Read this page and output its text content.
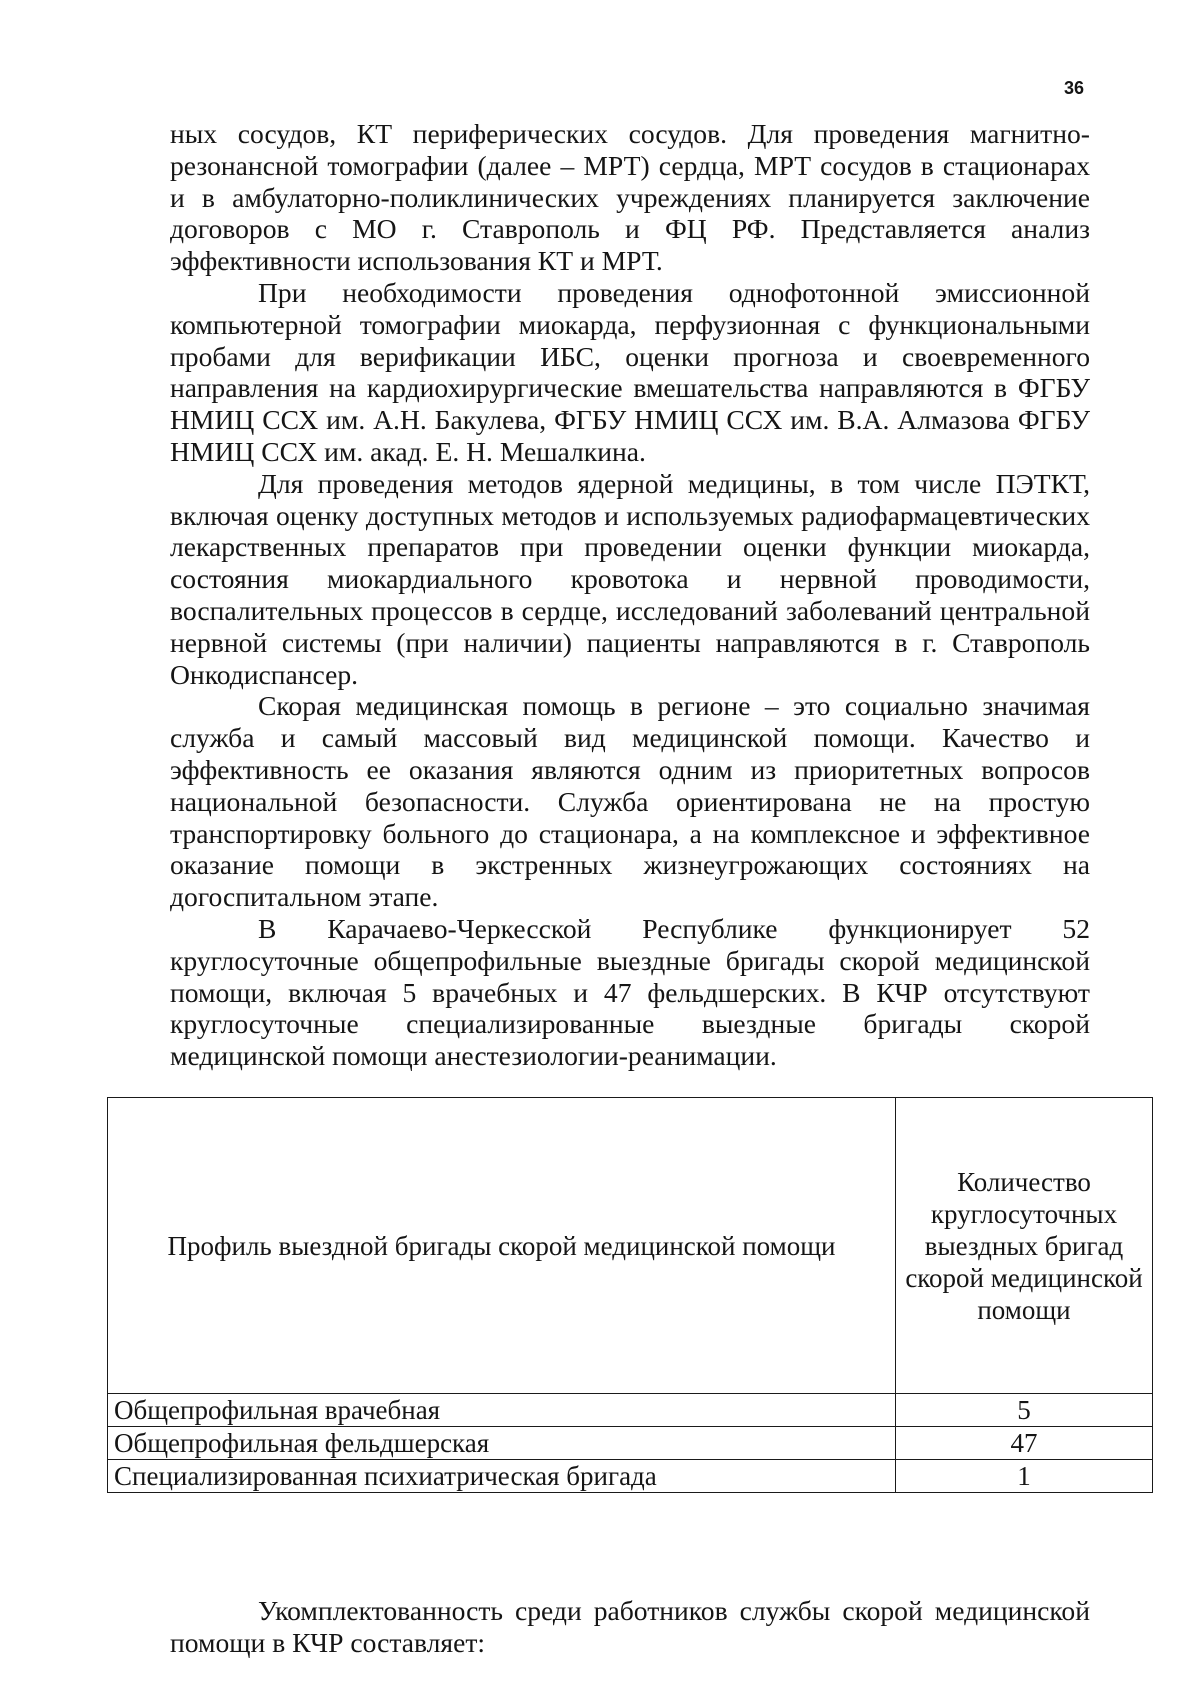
36

ных сосудов, КТ периферических сосудов. Для проведения магнитно-резонансной томографии (далее – МРТ) сердца, МРТ сосудов в стационарах и в амбулаторно-поликлинических учреждениях планируется заключение договоров с МО г. Ставрополь и ФЦ РФ. Представляется анализ эффективности использования КТ и МРТ.

При необходимости проведения однофотонной эмиссионной компьютерной томографии миокарда, перфузионная с функциональными пробами для верификации ИБС, оценки прогноза и своевременного направления на кардиохирургические вмешательства направляются в ФГБУ НМИЦ ССХ им. А.Н. Бакулева, ФГБУ НМИЦ ССХ им. В.А. Алмазова ФГБУ НМИЦ ССХ им. акад. Е. Н. Мешалкина.

Для проведения методов ядерной медицины, в том числе ПЭТКТ, включая оценку доступных методов и используемых радиофармацевтических лекарственных препаратов при проведении оценки функции миокарда, состояния миокардиального кровотока и нервной проводимости, воспалительных процессов в сердце, исследований заболеваний центральной нервной системы (при наличии) пациенты направляются в г. Ставрополь Онкодиспансер.

Скорая медицинская помощь в регионе – это социально значимая служба и самый массовый вид медицинской помощи. Качество и эффективность ее оказания являются одним из приоритетных вопросов национальной безопасности. Служба ориентирована не на простую транспортировку больного до стационара, а на комплексное и эффективное оказание помощи в экстренных жизнеугрожающих состояниях на догоспитальном этапе.

В Карачаево-Черкесской Республике функционирует 52 круглосуточные общепрофильные выездные бригады скорой медицинской помощи, включая 5 врачебных и 47 фельдшерских. В КЧР отсутствуют круглосуточные специализированные выездные бригады скорой медицинской помощи анестезиологии-реанимации.

Профиль выездной бригады скорой медицинской помощи	Количество круглосуточных выездных бригад скорой медицинской помощи
Общепрофильная врачебная	5
Общепрофильная фельдшерская	47
Специализированная психиатрическая бригада	1

Укомплектованность среди работников службы скорой медицинской помощи в КЧР составляет:
